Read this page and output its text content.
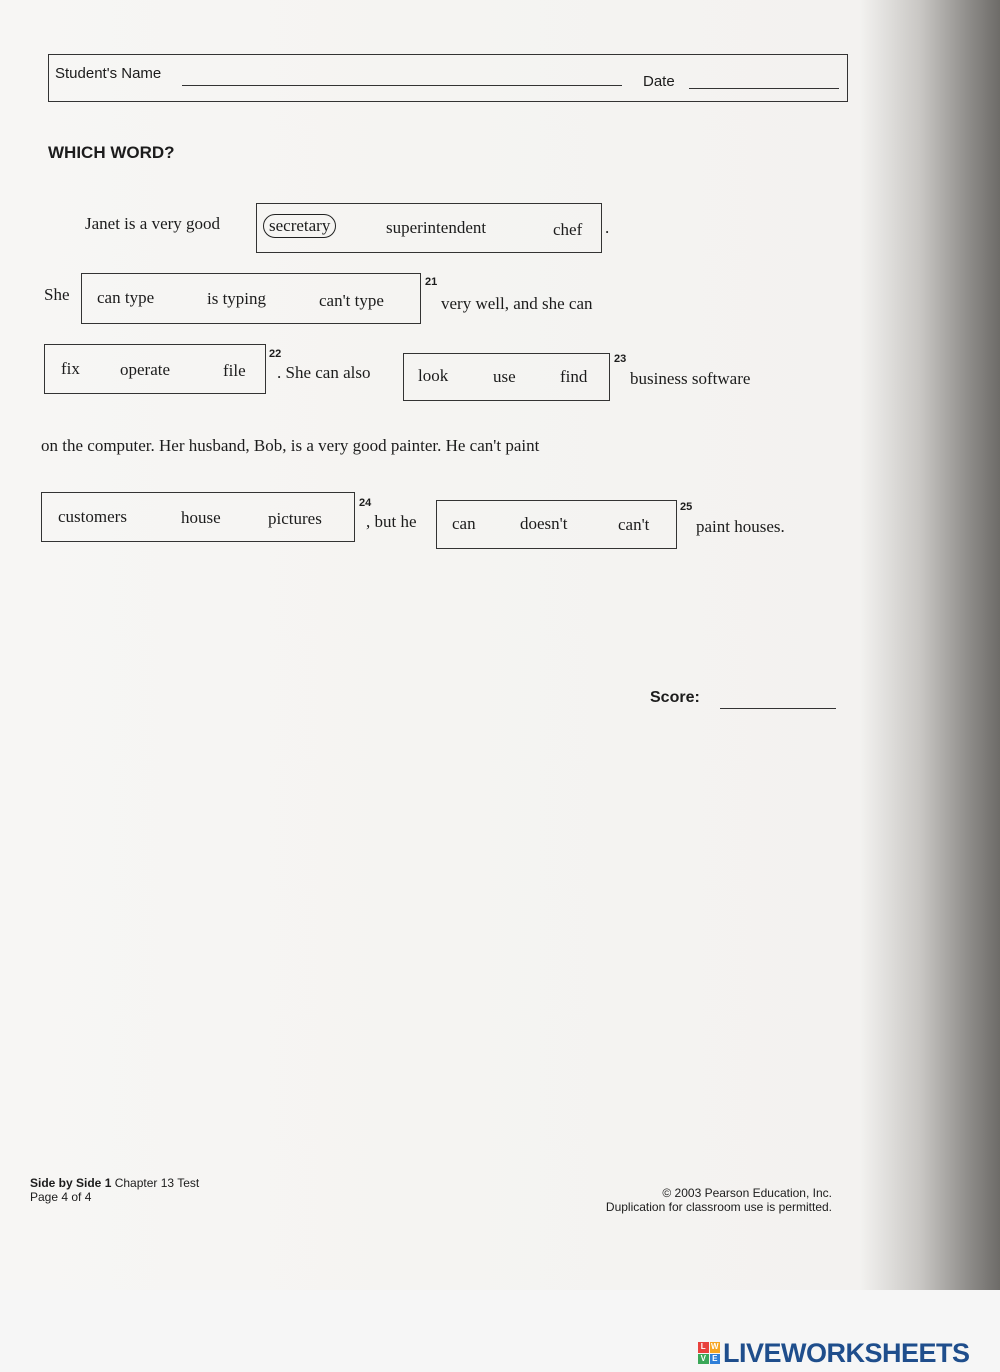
Student's Name	Date
WHICH WORD?
Janet is a very good	secretary	superintendent	chef .
She can type	is typing	can't type
21
very well, and she can
fix operate	file
22
. She can also	look	use	find
23
business software
on the computer. Her husband, Bob, is a very good painter. He can't paint
customers	house	pictures
24
, but he can	doesn't	can't
25
paint houses.
Score:
Side by Side 1 Chapter 13 Test
Page 4 of 4	© 2003 Pearson Education, Inc.
Duplication for classroom use is permitted.
L W
V E LIVEWORKSHEETS
